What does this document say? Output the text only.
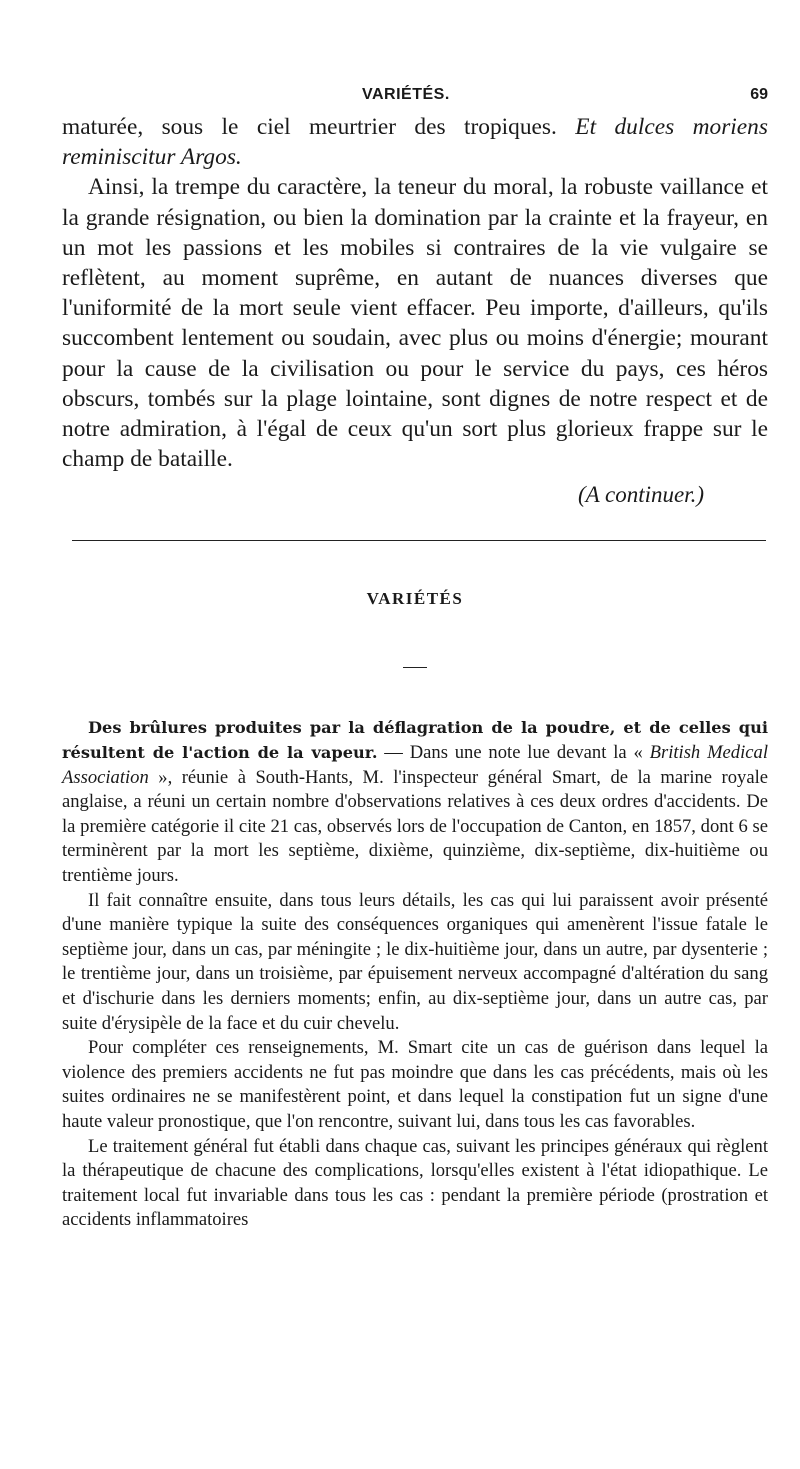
VARIÉTÉS.	69

maturée, sous le ciel meurtrier des tropiques. Et dulces moriens reminiscitur Argos.

Ainsi, la trempe du caractère, la teneur du moral, la robuste vaillance et la grande résignation, ou bien la domination par la crainte et la frayeur, en un mot les passions et les mobiles si contraires de la vie vulgaire se reflètent, au moment suprême, en autant de nuances diverses que l'uniformité de la mort seule vient effacer. Peu importe, d'ailleurs, qu'ils succombent lentement ou soudain, avec plus ou moins d'énergie; mourant pour la cause de la civilisation ou pour le service du pays, ces héros obscurs, tombés sur la plage lointaine, sont dignes de notre respect et de notre admiration, à l'égal de ceux qu'un sort plus glorieux frappe sur le champ de bataille.

(A continuer.)
VARIÉTÉS

Des brûlures produites par la déflagration de la poudre, et de celles qui résultent de l'action de la vapeur. — Dans une note lue devant la « British Medical Association », réunie à South-Hants, M. l'inspecteur général Smart, de la marine royale anglaise, a réuni un certain nombre d'observations relatives à ces deux ordres d'accidents. De la première catégorie il cite 21 cas, observés lors de l'occupation de Canton, en 1857, dont 6 se terminèrent par la mort les septième, dixième, quinzième, dix-septième, dix-huitième ou trentième jours.

Il fait connaître ensuite, dans tous leurs détails, les cas qui lui paraissent avoir présenté d'une manière typique la suite des conséquences organiques qui amenèrent l'issue fatale le septième jour, dans un cas, par méningite ; le dix-huitième jour, dans un autre, par dysenterie ; le trentième jour, dans un troisième, par épuisement nerveux accompagné d'altération du sang et d'ischurie dans les derniers moments; enfin, au dix-septième jour, dans un autre cas, par suite d'érysipèle de la face et du cuir chevelu.

Pour compléter ces renseignements, M. Smart cite un cas de guérison dans lequel la violence des premiers accidents ne fut pas moindre que dans les cas précédents, mais où les suites ordinaires ne se manifestèrent point, et dans lequel la constipation fut un signe d'une haute valeur pronostique, que l'on rencontre, suivant lui, dans tous les cas favorables.

Le traitement général fut établi dans chaque cas, suivant les principes généraux qui règlent la thérapeutique de chacune des complications, lorsqu'elles existent à l'état idiopathique. Le traitement local fut invariable dans tous les cas : pendant la première période (prostration et accidents inflammatoires
